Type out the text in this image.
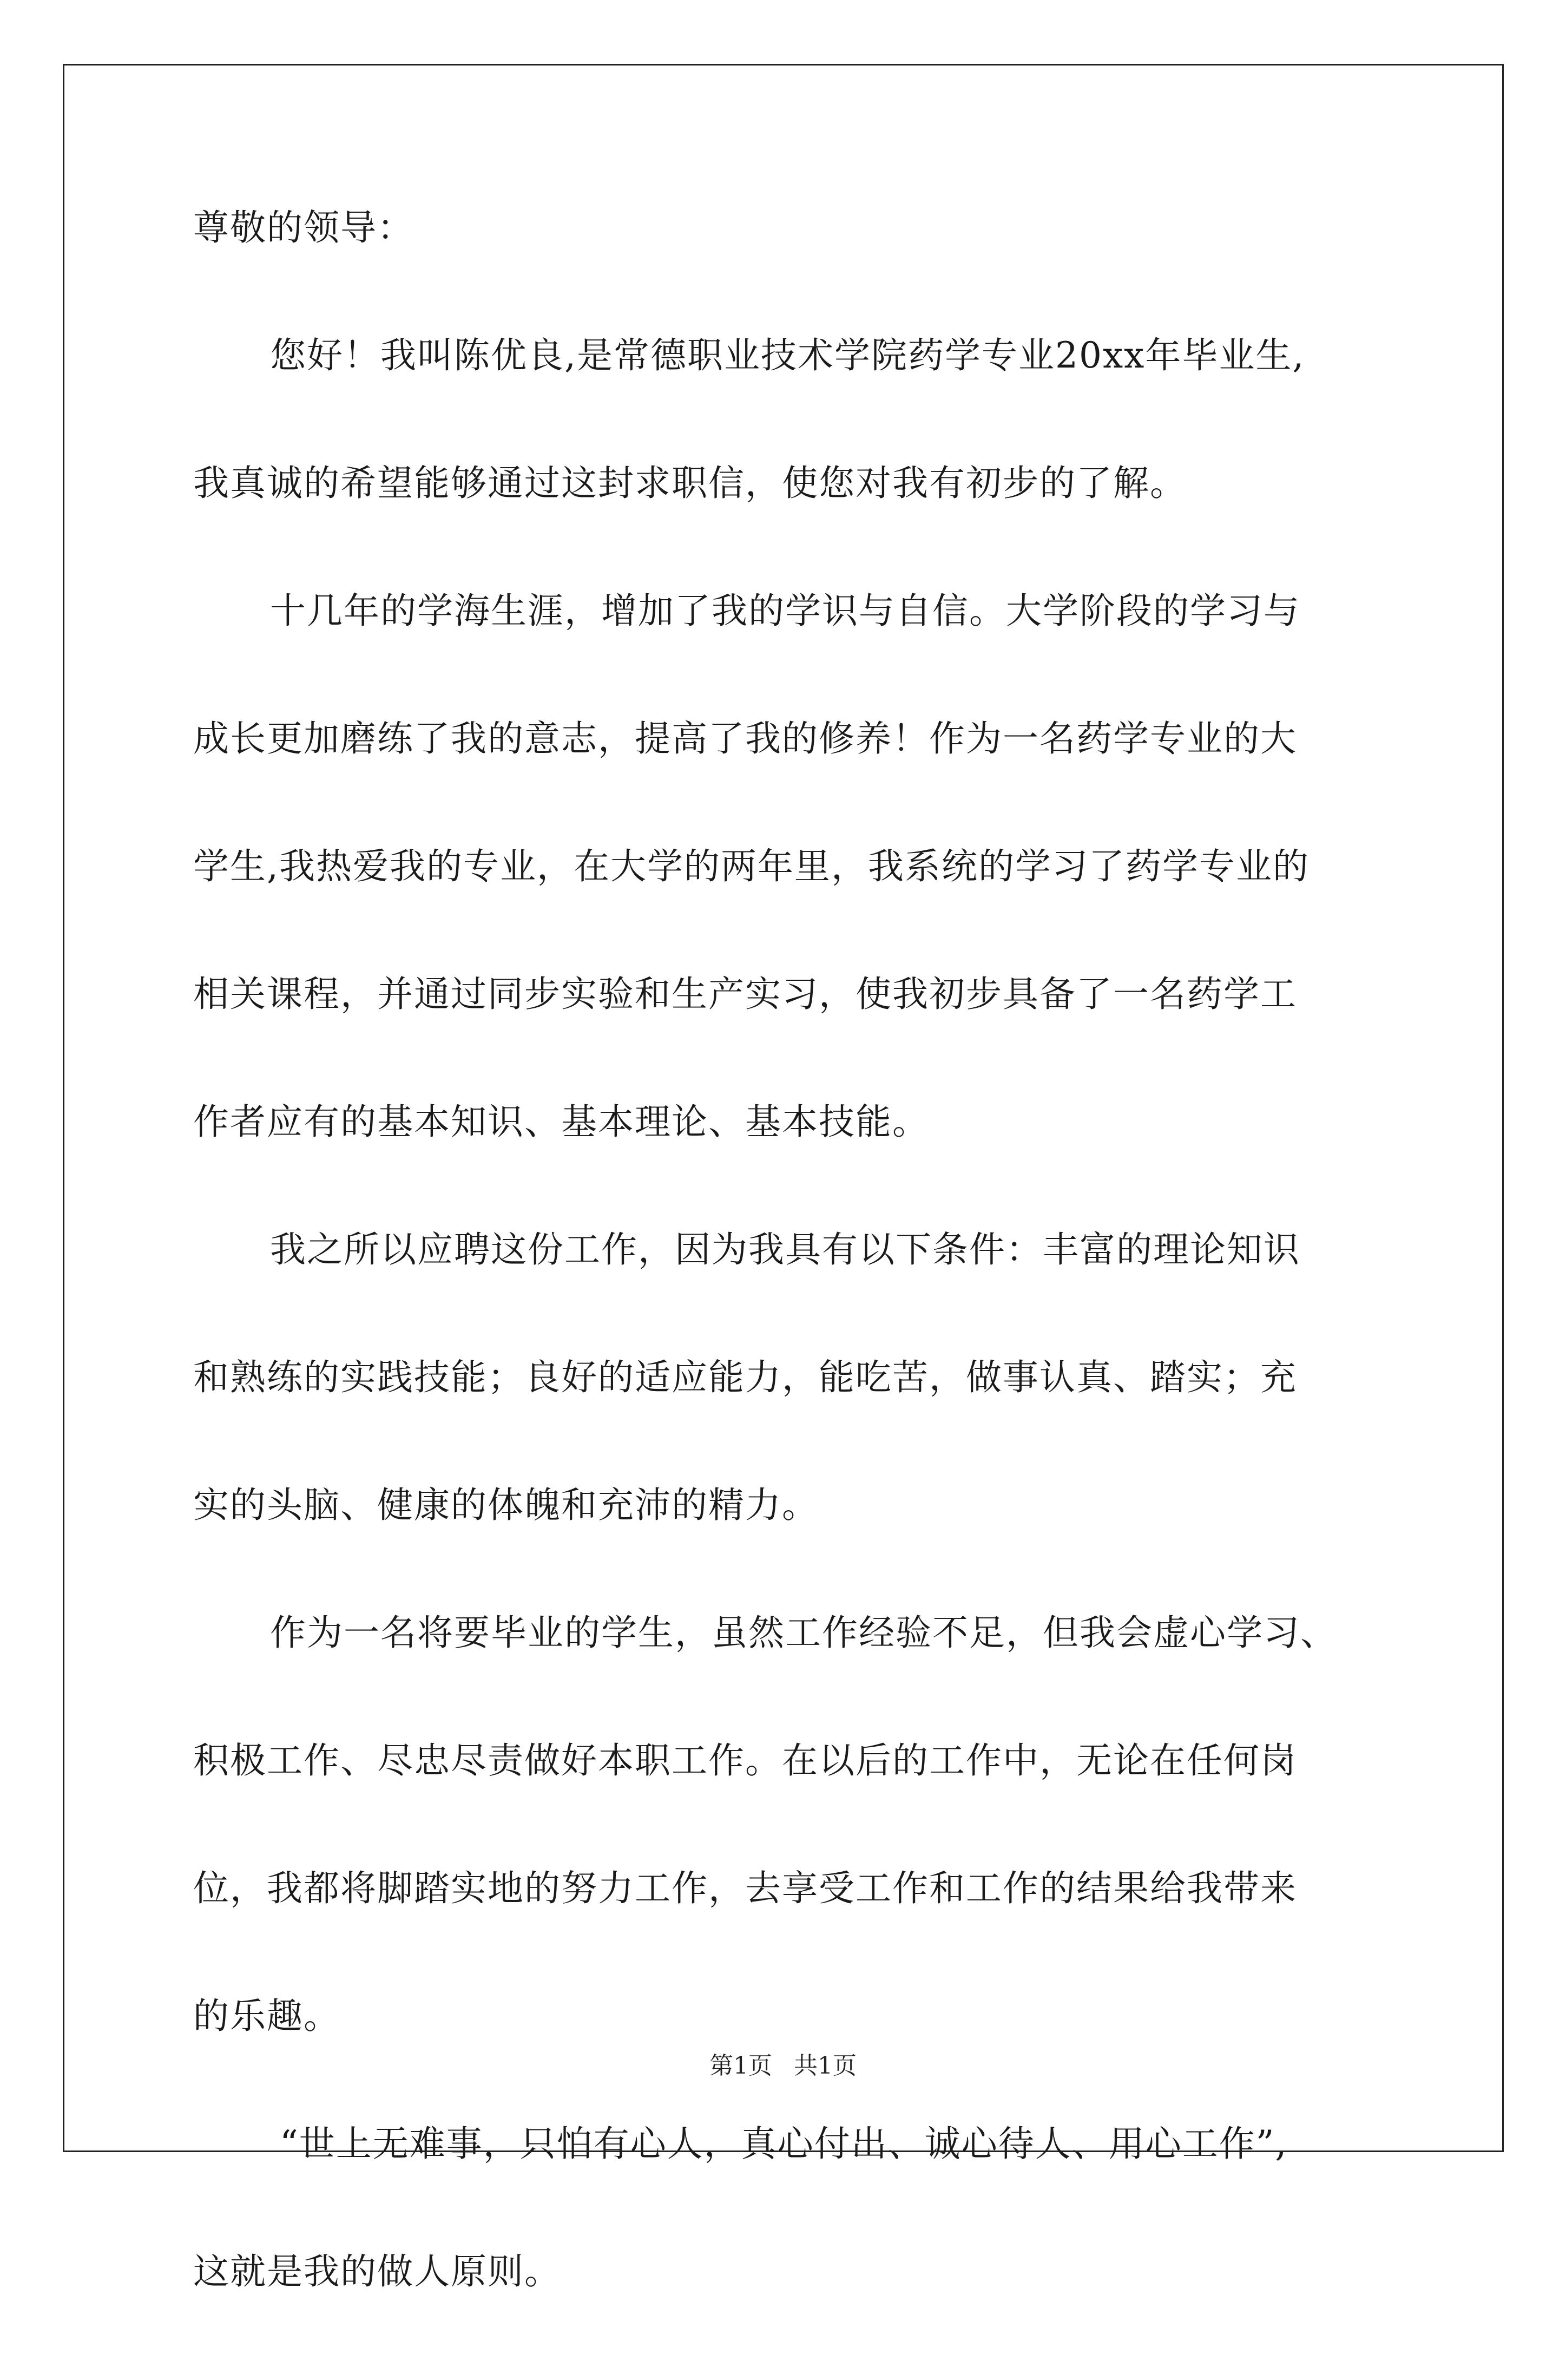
尊敬的领导：
您好！我叫陈优良,是常德职业技术学院药学专业20xx年毕业生,
我真诚的希望能够通过这封求职信，使您对我有初步的了解。
十几年的学海生涯，增加了我的学识与自信。大学阶段的学习与
成长更加磨练了我的意志，提高了我的修养！作为一名药学专业的大
学生,我热爱我的专业，在大学的两年里，我系统的学习了药学专业的
相关课程，并通过同步实验和生产实习，使我初步具备了一名药学工
作者应有的基本知识、基本理论、基本技能。
我之所以应聘这份工作，因为我具有以下条件：丰富的理论知识
和熟练的实践技能；良好的适应能力，能吃苦，做事认真、踏实；充
实的头脑、健康的体魄和充沛的精力。
作为一名将要毕业的学生，虽然工作经验不足，但我会虚心学习、
积极工作、尽忠尽责做好本职工作。在以后的工作中，无论在任何岗
位，我都将脚踏实地的努力工作，去享受工作和工作的结果给我带来
的乐趣。
“世上无难事，只怕有心人，真心付出、诚心待人、用心工作”,
这就是我的做人原则。
第1页 共1页
